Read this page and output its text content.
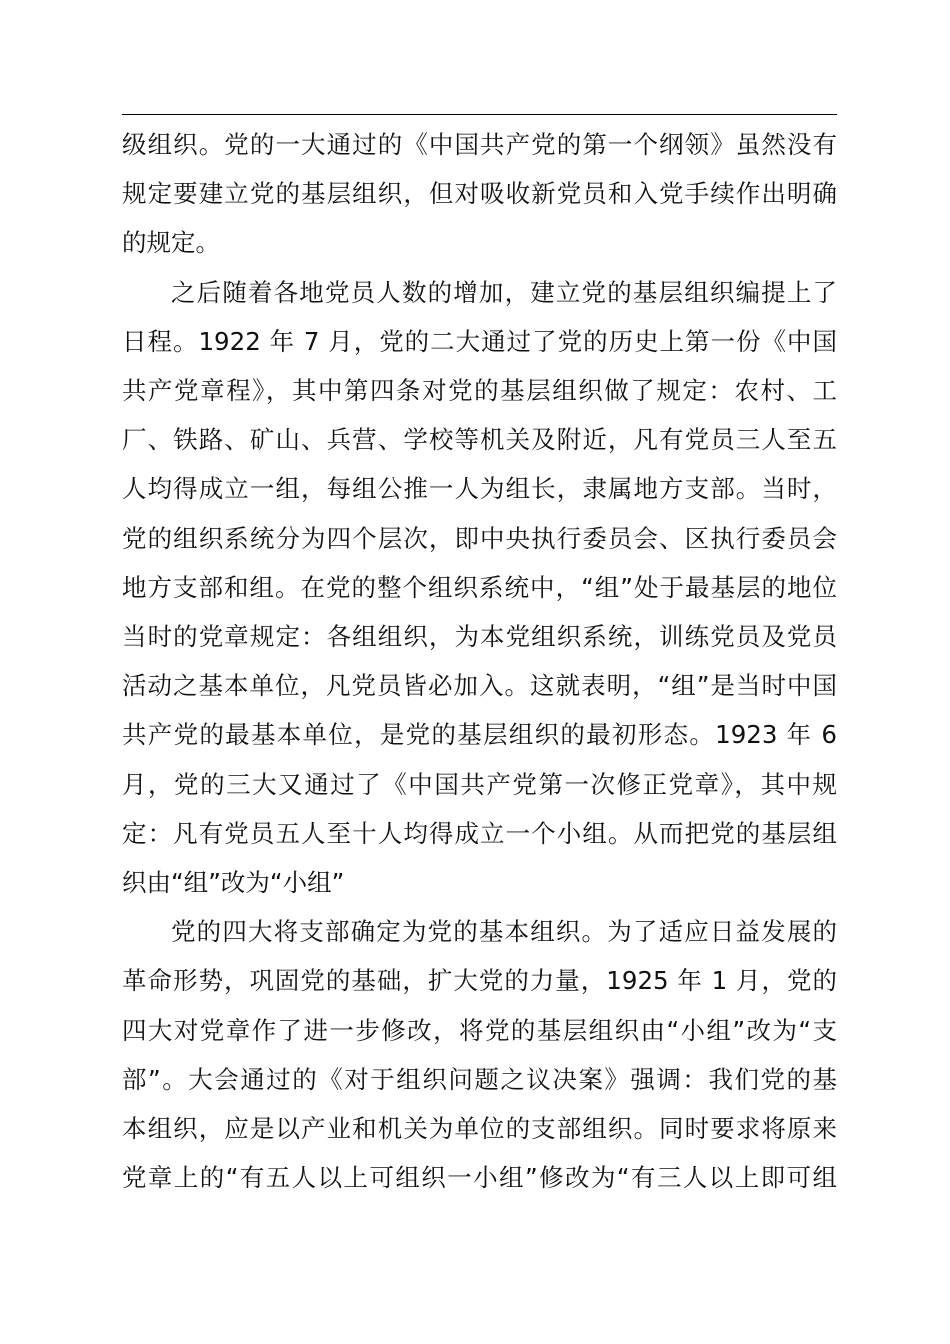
级组织。党的一大通过的《中国共产党的第一个纲领》虽然没有
规定要建立党的基层组织，但对吸收新党员和入党手续作出明确
的规定。

之后随着各地党员人数的增加，建立党的基层组织编提上了
日程。1922 年 7 月，党的二大通过了党的历史上第一份《中国
共产党章程》，其中第四条对党的基层组织做了规定：农村、工
厂、铁路、矿山、兵营、学校等机关及附近，凡有党员三人至五
人均得成立一组，每组公推一人为组长，隶属地方支部。当时，
党的组织系统分为四个层次，即中央执行委员会、区执行委员会
地方支部和组。在党的整个组织系统中，“组”处于最基层的地位
当时的党章规定：各组组织，为本党组织系统，训练党员及党员
活动之基本单位，凡党员皆必加入。这就表明，“组”是当时中国
共产党的最基本单位，是党的基层组织的最初形态。1923 年 6
月，党的三大又通过了《中国共产党第一次修正党章》，其中规
定：凡有党员五人至十人均得成立一个小组。从而把党的基层组
织由“组”改为“小组”

党的四大将支部确定为党的基本组织。为了适应日益发展的
革命形势，巩固党的基础，扩大党的力量，1925 年 1 月，党的
四大对党章作了进一步修改，将党的基层组织由“小组”改为“支
部”。大会通过的《对于组织问题之议决案》强调：我们党的基
本组织，应是以产业和机关为单位的支部组织。同时要求将原来
党章上的“有五人以上可组织一小组”修改为“有三人以上即可组
